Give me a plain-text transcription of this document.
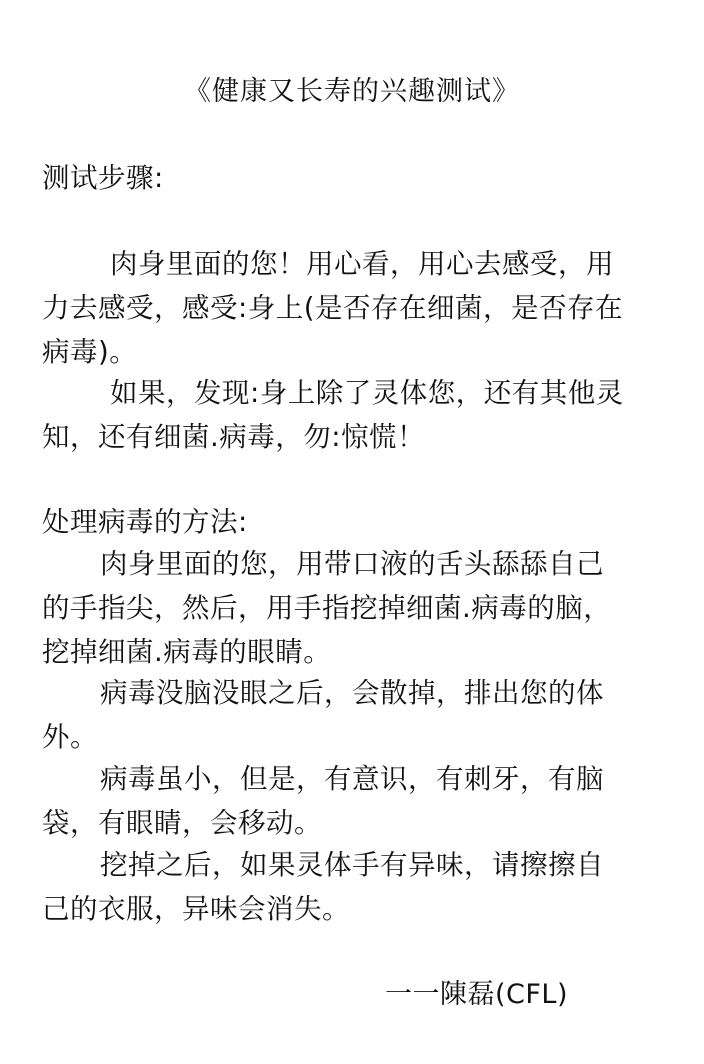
《健康又长寿的兴趣测试》
测试步骤:
肉身里面的您！用心看，用心去感受，用
力去感受，感受:身上(是否存在细菌，是否存在
病毒)。
如果，发现:身上除了灵体您，还有其他灵
知，还有细菌.病毒，勿:惊慌！
处理病毒的方法:
肉身里面的您，用带口液的舌头舔舔自己
的手指尖，然后，用手指挖掉细菌.病毒的脑，
挖掉细菌.病毒的眼睛。
病毒没脑没眼之后，会散掉，排出您的体
外。
病毒虽小，但是，有意识，有刺牙，有脑
袋，有眼睛，会移动。
挖掉之后，如果灵体手有异味，请擦擦自
己的衣服，异味会消失。
一一陳磊(CFL)
